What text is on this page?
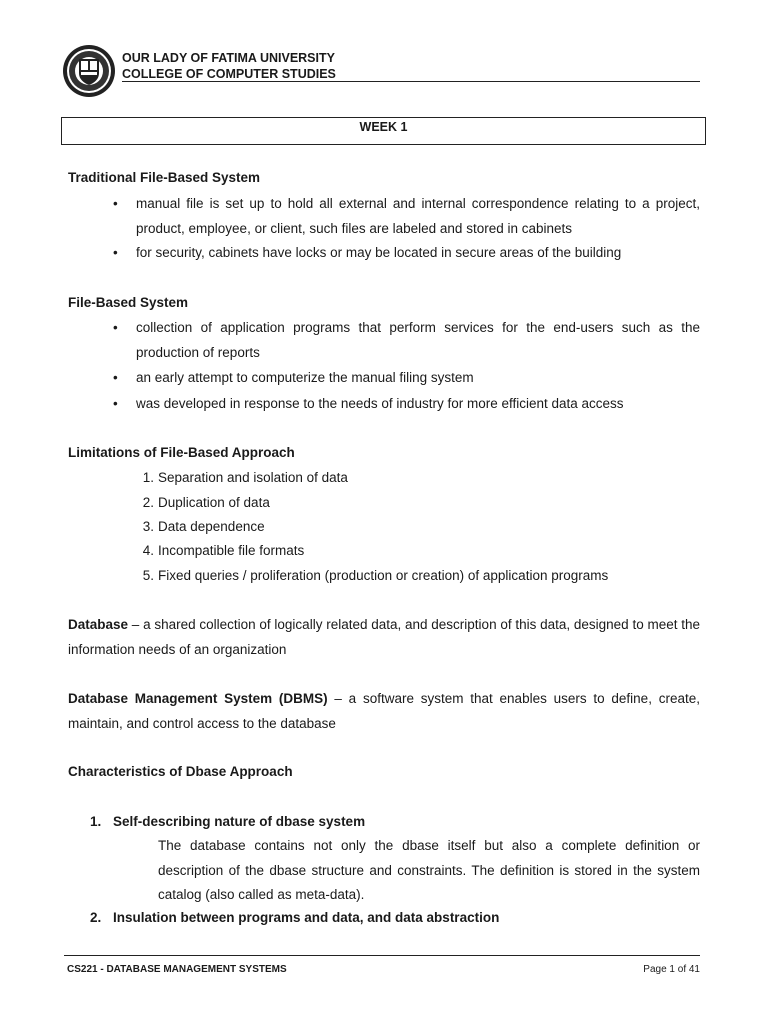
OUR LADY OF FATIMA UNIVERSITY
COLLEGE OF COMPUTER STUDIES
WEEK 1
Traditional File-Based System
• manual file is set up to hold all external and internal correspondence relating to a project, product, employee, or client, such files are labeled and stored in cabinets
• for security, cabinets have locks or may be located in secure areas of the building
File-Based System
• collection of application programs that perform services for the end-users such as the production of reports
• an early attempt to computerize the manual filing system
• was developed in response to the needs of industry for more efficient data access
Limitations of File-Based Approach
1. Separation and isolation of data
2. Duplication of data
3. Data dependence
4. Incompatible file formats
5. Fixed queries / proliferation (production or creation) of application programs
Database – a shared collection of logically related data, and description of this data, designed to meet the information needs of an organization
Database Management System (DBMS) – a software system that enables users to define, create, maintain, and control access to the database
Characteristics of Dbase Approach
1. Self-describing nature of dbase system
The database contains not only the dbase itself but also a complete definition or description of the dbase structure and constraints. The definition is stored in the system catalog (also called as meta-data).
2. Insulation between programs and data, and data abstraction
CS221 - DATABASE MANAGEMENT SYSTEMS	Page 1 of 41
